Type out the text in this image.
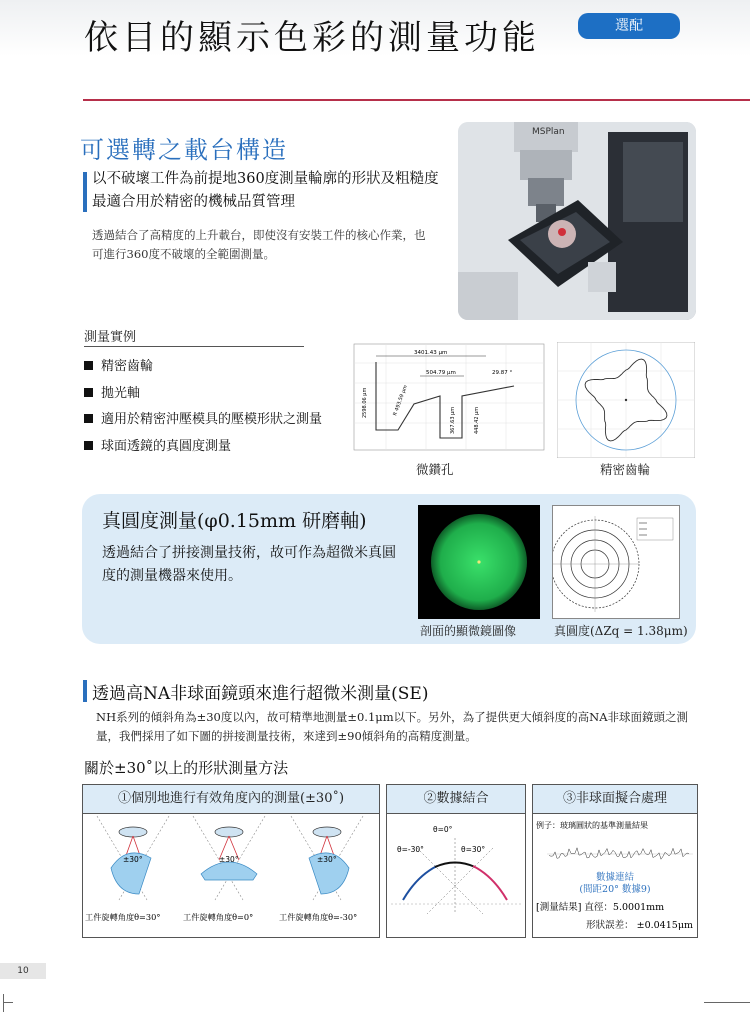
依目的顯示色彩的測量功能	選配
可選轉之載台構造
以不破壞工件為前提地360度測量輪廓的形狀及粗糙度
最適合用於精密的機械品質管理
透過結合了高精度的上升載台，即使沒有安裝工件的核心作業，也可進行360度不破壞的全範圍測量。
MSPlan
測量實例
精密齒輪
拋光軸
適用於精密沖壓模具的壓模形狀之測量
球面透鏡的真圓度測量
3401.43 μm
504.79 μm	29.87 °
2598.06 μm	R 493.59 μm
367.63 μm	448.42 μm
微鑽孔	精密齒輪
真圓度測量(φ0.15mm 研磨軸)
透過結合了拼接測量技術，故可作為超微米真圓度的測量機器來使用。
剖面的顯微鏡圖像	真圓度(ΔZq = 1.38μm)
透過高NA非球面鏡頭來進行超微米測量(SE)
NH系列的傾斜角為±30度以內，故可精準地測量±0.1μm以下。另外，為了提供更大傾斜度的高NA非球面鏡頭之測量，我們採用了如下圖的拼接測量技術，來達到±90傾斜角的高精度測量。
關於±30˚以上的形狀測量方法
①個別地進行有效角度內的測量(±30˚)
±30°	±30°	±30°
工件旋轉角度θ=30°	工件旋轉角度θ=0°	工件旋轉角度θ=-30°
②數據結合
θ=0°
θ=-30°	θ=30°
③非球面擬合處理
例子：玻璃圓狀的基準測量結果
數據連結
(間距20° 數據9)
[測量結果] 直徑：5.0001mm
形狀誤差： ±0.0415μm
10
